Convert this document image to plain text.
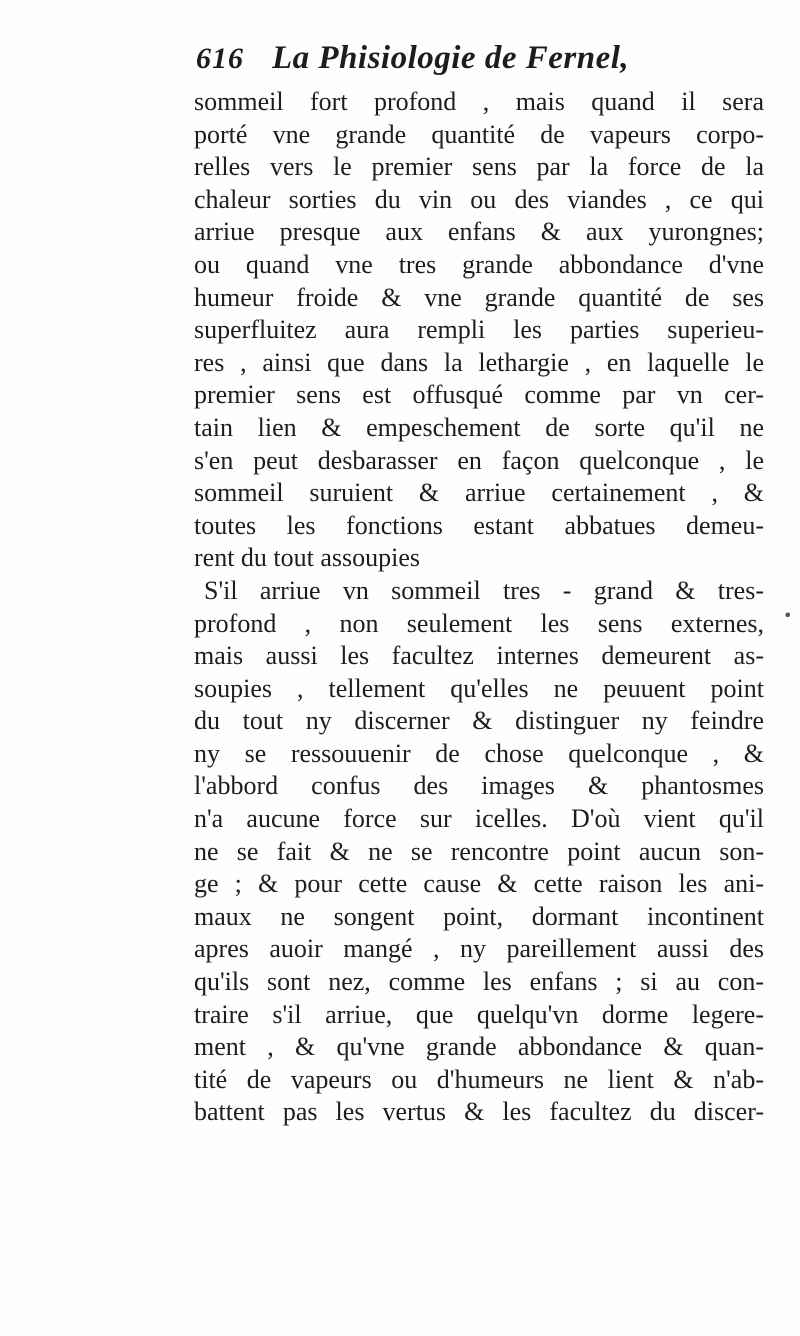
616 La Phisiologie de Fernel,
sommeil fort profond , mais quand il sera
porté vne grande quantité de vapeurs corpo-
relles vers le premier sens par la force de la
chaleur sorties du vin ou des viandes , ce qui
arriue presque aux enfans & aux yurongnes;
ou quand vne tres grande abbondance d'vne
humeur froide & vne grande quantité de ses
superfluitez aura rempli les parties superieu-
res , ainsi que dans la lethargie , en laquelle le
premier sens est offusqué comme par vn cer-
tain lien & empeschement de sorte qu'il ne
s'en peut desbarasser en façon quelconque , le
sommeil suruient & arriue certainement , &
toutes les fonctions estant abbatues demeu-
rent du tout assoupies
S'il arriue vn sommeil tres - grand & tres-
profond , non seulement les sens externes,
mais aussi les facultez internes demeurent as-
soupies , tellement qu'elles ne peuuent point
du tout ny discerner & distinguer ny feindre
ny se ressouuenir de chose quelconque , &
l'abbord confus des images & phantosmes
n'a aucune force sur icelles. D'où vient qu'il
ne se fait & ne se rencontre point aucun son-
ge ; & pour cette cause & cette raison les ani-
maux ne songent point, dormant incontinent
apres auoir mangé , ny pareillement aussi des
qu'ils sont nez, comme les enfans ; si au con-
traire s'il arriue, que quelqu'vn dorme legere-
ment , & qu'vne grande abbondance & quan-
tité de vapeurs ou d'humeurs ne lient & n'ab-
battent pas les vertus & les facultez du discer-
•
